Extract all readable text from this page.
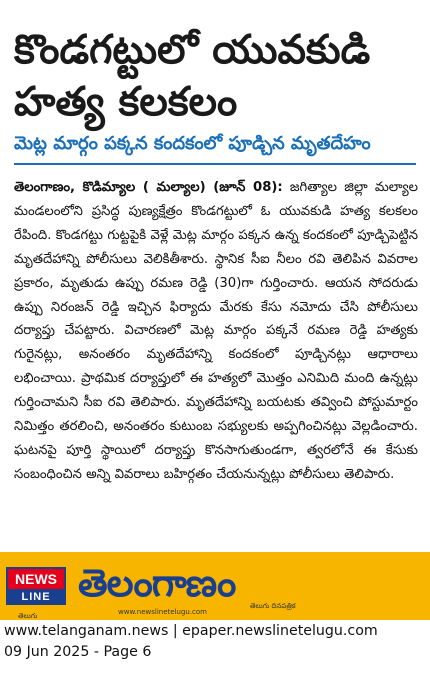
కొండగట్టులో యువకుడి హత్య కలకలం
మెట్ల మార్గం పక్కన కందకంలో పూడ్చిన మృతదేహం

తెలంగాణం, కొడిమ్యాల ( మల్యాల) (జూన్ 08): జగిత్యాల జిల్లా మల్యాల మండలంలోని ప్రసిద్ధ పుణ్యక్షేత్రం కొండగట్టులో ఓ యువకుడి హత్య కలకలం రేపింది. కొండగట్టు గుట్టపైకి వెళ్లే మెట్ల మార్గం పక్కన ఉన్న కందకంలో పూడ్చిపెట్టిన మృతదేహాన్ని పోలీసులు వెలికితీశారు. స్థానిక సీఐ నీలం రవి తెలిపిన వివరాల ప్రకారం, మృతుడు ఉప్పు రమణ రెడ్డి (30)గా గుర్తించారు. ఆయన సోదరుడు ఉప్పు నిరంజన్ రెడ్డి ఇచ్చిన ఫిర్యాదు మేరకు కేసు నమోదు చేసి పోలీసులు దర్యాప్తు చేపట్టారు. విచారణలో మెట్ల మార్గం పక్కనే రమణ రెడ్డి హత్యకు గురైనట్లు, అనంతరం మృతదేహాన్ని కందకంలో పూడ్చినట్లు ఆధారాలు లభించాయి. ప్రాథమిక దర్యాప్తులో ఈ హత్యలో మొత్తం ఎనిమిది మంది ఉన్నట్లు గుర్తించామని సీఐ రవి తెలిపారు. మృతదేహాన్ని బయటకు తవ్వించి పోస్టుమార్టం నిమిత్తం తరలించి, అనంతరం కుటుంబ సభ్యులకు అప్పగించినట్లు వెల్లడించారు. ఘటనపై పూర్తి స్థాయిలో దర్యాప్తు కొనసాగుతుండగా, త్వరలోనే ఈ కేసుకు సంబంధించిన అన్ని వివరాలు బహిర్గతం చేయనున్నట్లు పోలీసులు తెలిపారు.

NEWS
LINE
తెలుగు
తెలంగాణం
www.newslinetelugu.com
తెలుగు దినపత్రిక
www.telanganam.news | epaper.newslinetelugu.com
09 Jun 2025 - Page 6
